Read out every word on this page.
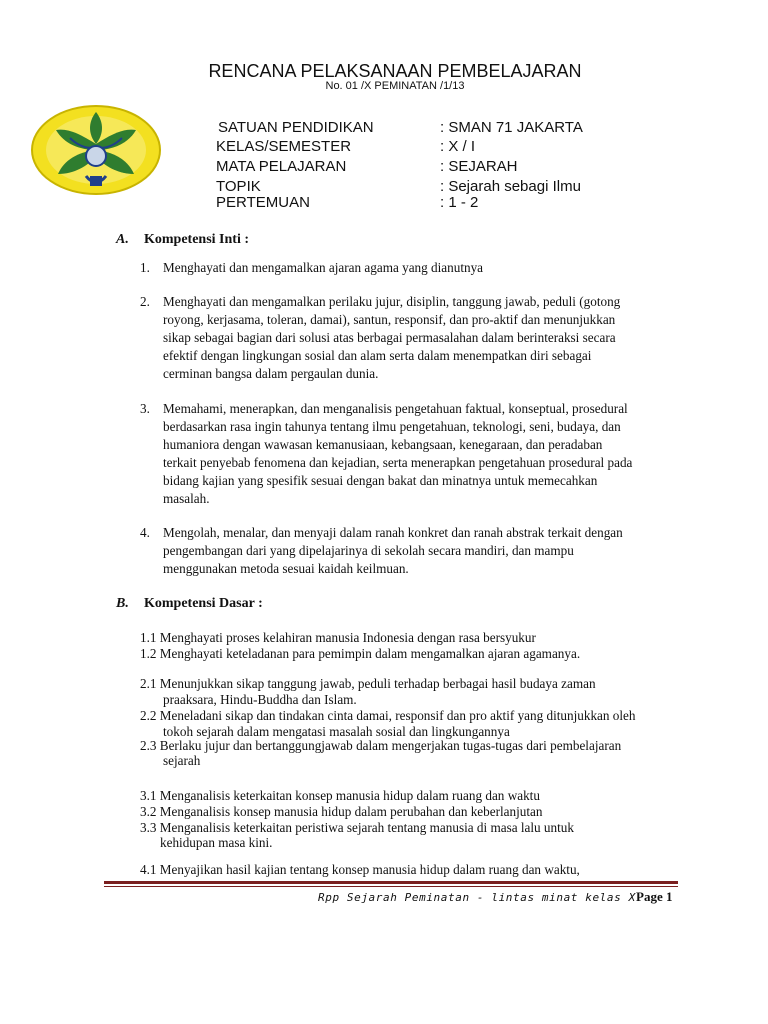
RENCANA PELAKSANAAN PEMBELAJARAN
No. 01 /X PEMINATAN /1/13
SATUAN PENDIDIKAN	: SMAN 71 JAKARTA
KELAS/SEMESTER	: X / I
MATA PELAJARAN	: SEJARAH
TOPIK	: Sejarah sebagi Ilmu
PERTEMUAN	: 1 - 2
A. Kompetensi Inti :
1. Menghayati dan mengamalkan ajaran agama yang dianutnya
2. Menghayati dan mengamalkan perilaku jujur, disiplin, tanggung jawab, peduli (gotong
royong, kerjasama, toleran, damai), santun, responsif, dan pro-aktif dan menunjukkan
sikap sebagai bagian dari solusi atas berbagai permasalahan dalam berinteraksi secara
efektif dengan lingkungan sosial dan alam serta dalam menempatkan diri sebagai
cerminan bangsa dalam pergaulan dunia.
3. Memahami, menerapkan, dan menganalisis pengetahuan faktual, konseptual, prosedural
berdasarkan rasa ingin tahunya tentang ilmu pengetahuan, teknologi, seni, budaya, dan
humaniora dengan wawasan kemanusiaan, kebangsaan, kenegaraan, dan peradaban
terkait penyebab fenomena dan kejadian, serta menerapkan pengetahuan prosedural pada
bidang kajian yang spesifik sesuai dengan bakat dan minatnya untuk memecahkan
masalah.
4. Mengolah, menalar, dan menyaji dalam ranah konkret dan ranah abstrak terkait dengan
pengembangan dari yang dipelajarinya di sekolah secara mandiri, dan mampu
menggunakan metoda sesuai kaidah keilmuan.
B. Kompetensi Dasar :
1.1 Menghayati proses kelahiran manusia Indonesia dengan rasa bersyukur
1.2 Menghayati keteladanan para pemimpin dalam mengamalkan ajaran agamanya.
2.1 Menunjukkan sikap tanggung jawab, peduli terhadap berbagai hasil budaya zaman
praaksara, Hindu-Buddha dan Islam.
2.2 Meneladani sikap dan tindakan cinta damai, responsif dan pro aktif yang ditunjukkan oleh
tokoh sejarah dalam mengatasi masalah sosial dan lingkungannya
2.3 Berlaku jujur dan bertanggungjawab dalam mengerjakan tugas-tugas dari pembelajaran
sejarah
3.1 Menganalisis keterkaitan konsep manusia hidup dalam ruang dan waktu
3.2 Menganalisis konsep manusia hidup dalam perubahan dan keberlanjutan
3.3 Menganalisis keterkaitan peristiwa sejarah tentang manusia di masa lalu untuk
kehidupan masa kini.
4.1 Menyajikan hasil kajian tentang konsep manusia hidup dalam ruang dan waktu,
Rpp Sejarah Peminatan - lintas minat kelas X Page 1
